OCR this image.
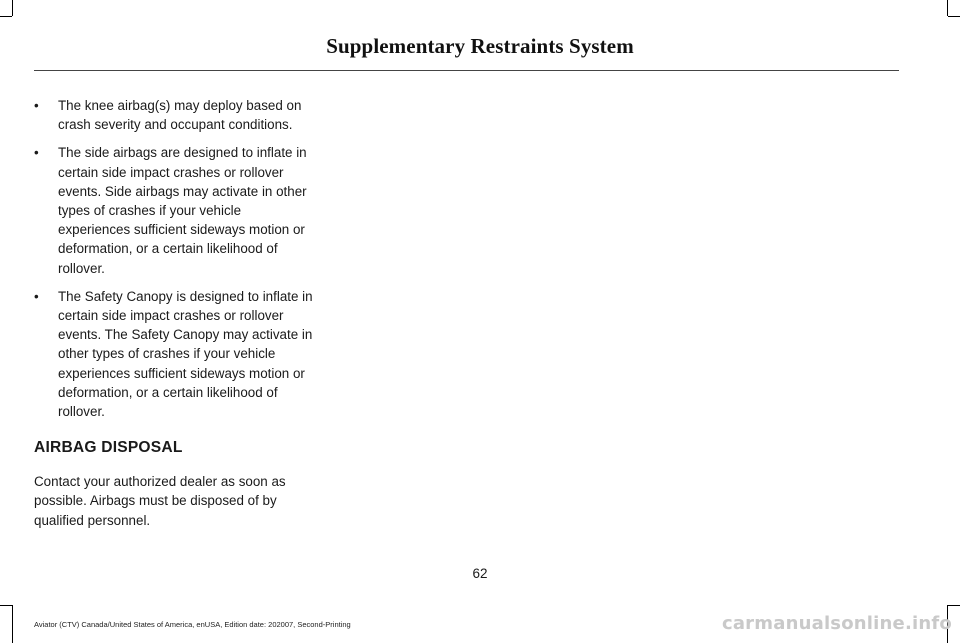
Supplementary Restraints System
•	The knee airbag(s) may deploy based on crash severity and occupant conditions.
•	The side airbags are designed to inflate in certain side impact crashes or rollover events. Side airbags may activate in other types of crashes if your vehicle experiences sufficient sideways motion or deformation, or a certain likelihood of rollover.
•	The Safety Canopy is designed to inflate in certain side impact crashes or rollover events. The Safety Canopy may activate in other types of crashes if your vehicle experiences sufficient sideways motion or deformation, or a certain likelihood of rollover.
AIRBAG DISPOSAL

Contact your authorized dealer as soon as possible. Airbags must be disposed of by qualified personnel.

62
Aviator (CTV) Canada/United States of America, enUSA, Edition date: 202007, Second-Printing	carmanualsonline.info
